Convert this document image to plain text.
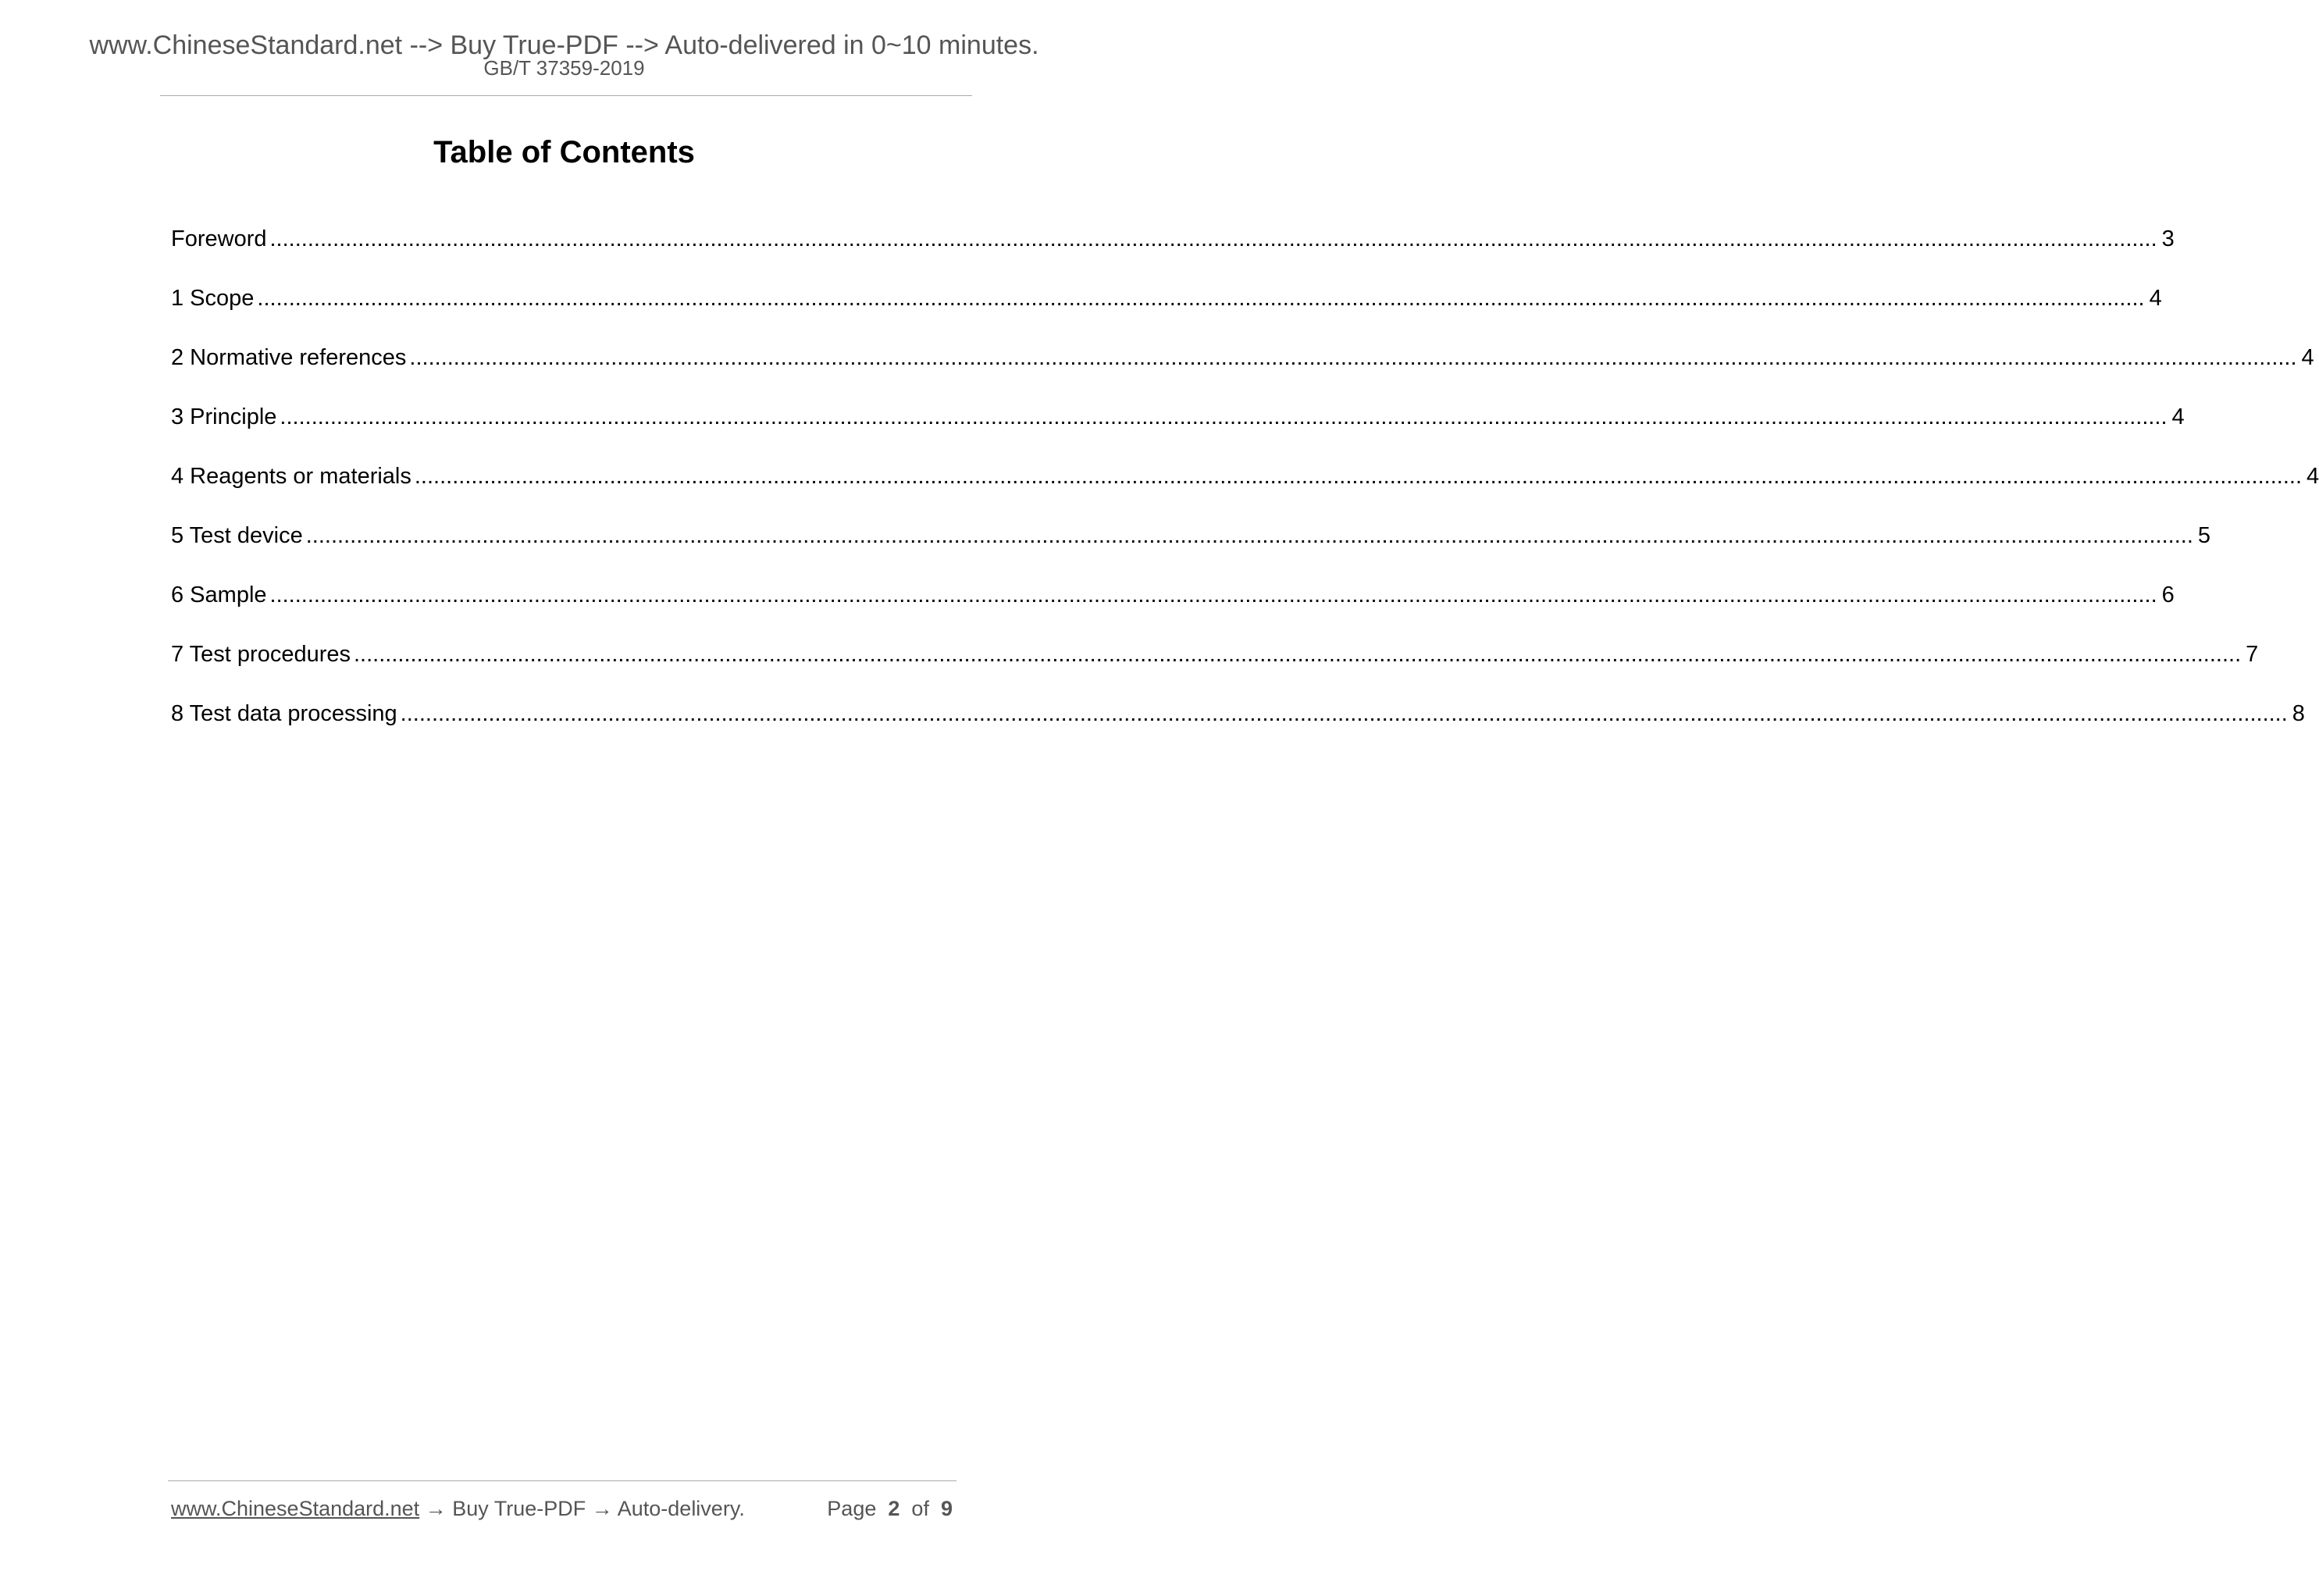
www.ChineseStandard.net --> Buy True-PDF --> Auto-delivered in 0~10 minutes.
GB/T 37359-2019
Table of Contents
Foreword ............................................................................................................................................................................................................................................................................................................ 3
1 Scope ............................................................................................................................................................................................................................................................................................................ 4
2 Normative references ............................................................................................................................................................................................................................................................................................................ 4
3 Principle ............................................................................................................................................................................................................................................................................................................ 4
4 Reagents or materials ............................................................................................................................................................................................................................................................................................................ 4
5 Test device ............................................................................................................................................................................................................................................................................................................ 5
6 Sample ............................................................................................................................................................................................................................................................................................................ 6
7 Test procedures ............................................................................................................................................................................................................................................................................................................ 7
8 Test data processing ............................................................................................................................................................................................................................................................................................................ 8
www.ChineseStandard.net → Buy True-PDF → Auto-delivery.	Page 2 of 9
